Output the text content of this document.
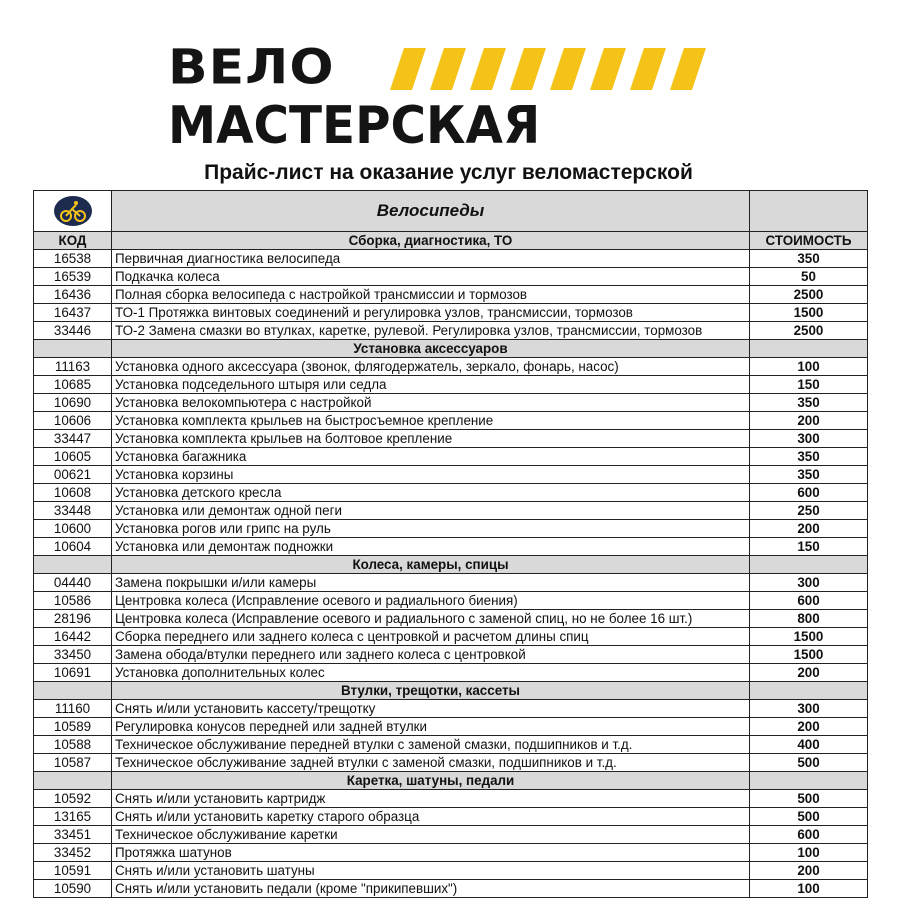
ВЕЛО
МАСТЕРСКАЯ
Прайс-лист на оказание услуг веломастерской
	Велосипеды	
КОД	Сборка, диагностика, ТО	СТОИМОСТЬ
16538	Первичная диагностика велосипеда	350
16539	Подкачка колеса	50
16436	Полная сборка велосипеда с настройкой трансмиссии и тормозов	2500
16437	ТО-1 Протяжка винтовых соединений и регулировка узлов, трансмиссии, тормозов	1500
33446	ТО-2 Замена смазки во втулках, каретке, рулевой. Регулировка узлов, трансмиссии, тормозов	2500
	Установка аксессуаров	
11163	Установка одного аксессуара (звонок, флягодержатель, зеркало, фонарь, насос)	100
10685	Установка подседельного штыря или седла	150
10690	Установка велокомпьютера с настройкой	350
10606	Установка комплекта крыльев на быстросъемное крепление	200
33447	Установка комплекта крыльев на болтовое крепление	300
10605	Установка багажника	350
00621	Установка корзины	350
10608	Установка детского кресла	600
33448	Установка или демонтаж одной пеги	250
10600	Установка рогов или грипс на руль	200
10604	Установка или демонтаж подножки	150
	Колеса, камеры, спицы	
04440	Замена покрышки и/или камеры	300
10586	Центровка колеса (Исправление осевого и радиального биения)	600
28196	Центровка колеса (Исправление осевого и радиального с заменой спиц, но не более 16 шт.)	800
16442	Сборка переднего или заднего колеса с центровкой и расчетом длины спиц	1500
33450	Замена обода/втулки переднего или заднего колеса с центровкой	1500
10691	Установка дополнительных колес	200
	Втулки, трещотки, кассеты	
11160	Снять и/или установить кассету/трещотку	300
10589	Регулировка конусов передней или задней втулки	200
10588	Техническое обслуживание передней втулки с заменой смазки, подшипников и т.д.	400
10587	Техническое обслуживание задней втулки с заменой смазки, подшипников и т.д.	500
	Каретка, шатуны, педали	
10592	Снять и/или установить картридж	500
13165	Снять и/или установить каретку старого образца	500
33451	Техническое обслуживание каретки	600
33452	Протяжка шатунов	100
10591	Снять и/или установить шатуны	200
10590	Снять и/или установить педали (кроме "прикипевших")	100
